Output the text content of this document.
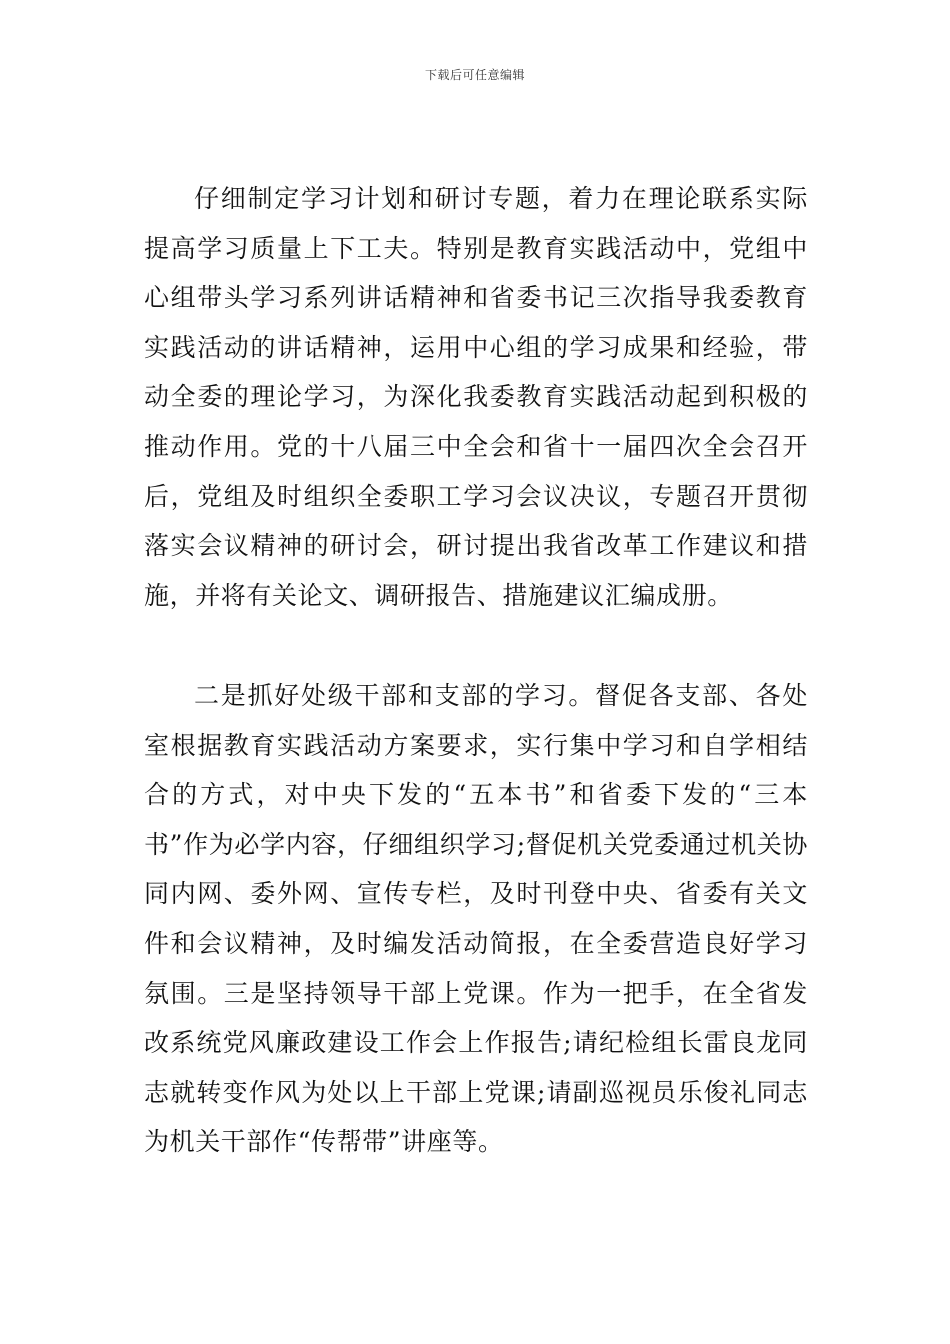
下载后可任意编辑

仔细制定学习计划和研讨专题，着力在理论联系实际提高学习质量上下工夫。特别是教育实践活动中，党组中心组带头学习系列讲话精神和省委书记三次指导我委教育实践活动的讲话精神，运用中心组的学习成果和经验，带动全委的理论学习，为深化我委教育实践活动起到积极的推动作用。党的十八届三中全会和省十一届四次全会召开后，党组及时组织全委职工学习会议决议，专题召开贯彻落实会议精神的研讨会，研讨提出我省改革工作建议和措施，并将有关论文、调研报告、措施建议汇编成册。

二是抓好处级干部和支部的学习。督促各支部、各处室根据教育实践活动方案要求，实行集中学习和自学相结合的方式，对中央下发的“五本书”和省委下发的“三本书”作为必学内容，仔细组织学习;督促机关党委通过机关协同内网、委外网、宣传专栏，及时刊登中央、省委有关文件和会议精神，及时编发活动简报，在全委营造良好学习氛围。三是坚持领导干部上党课。作为一把手，在全省发改系统党风廉政建设工作会上作报告;请纪检组长雷良龙同志就转变作风为处以上干部上党课;请副巡视员乐俊礼同志为机关干部作“传帮带”讲座等。
